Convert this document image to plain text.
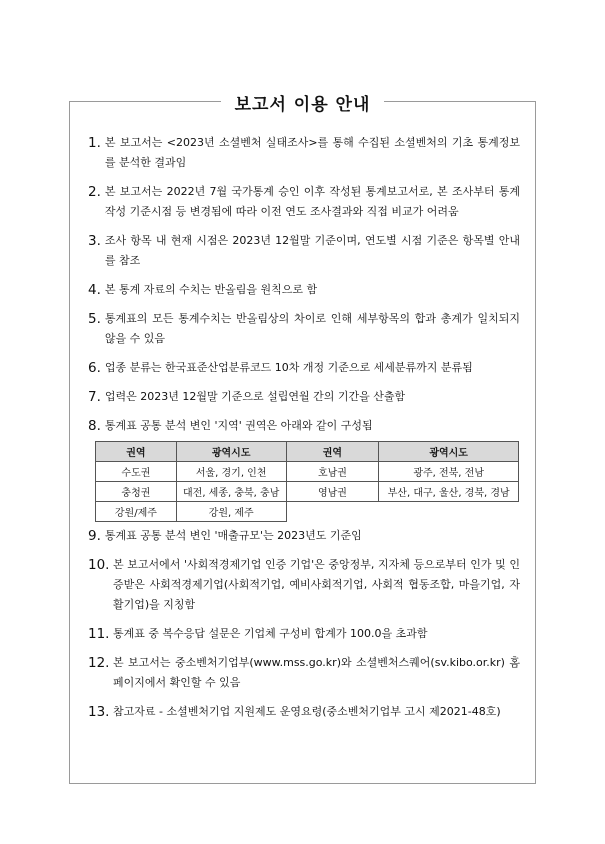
보고서 이용 안내
1. 본 보고서는 <2023년 소셜벤처 실태조사>를 통해 수집된 소셜벤처의 기초 통계정보를 분석한 결과임
2. 본 보고서는 2022년 7월 국가통계 승인 이후 작성된 통계보고서로, 본 조사부터 통계작성 기준시점 등 변경됨에 따라 이전 연도 조사결과와 직접 비교가 어려움
3. 조사 항목 내 현재 시점은 2023년 12월말 기준이며, 연도별 시점 기준은 항목별 안내를 참조
4. 본 통계 자료의 수치는 반올림을 원칙으로 함
5. 통계표의 모든 통계수치는 반올림상의 차이로 인해 세부항목의 합과 총계가 일치되지 않을 수 있음
6. 업종 분류는 한국표준산업분류코드 10차 개정 기준으로 세세분류까지 분류됨
7. 업력은 2023년 12월말 기준으로 설립연월 간의 기간을 산출함
8. 통계표 공통 분석 변인 '지역' 권역은 아래와 같이 구성됨
권역	광역시도	권역	광역시도
수도권	서울, 경기, 인천	호남권	광주, 전북, 전남
충청권	대전, 세종, 충북, 충남	영남권	부산, 대구, 울산, 경북, 경남
강원/제주	강원, 제주		
9. 통계표 공통 분석 변인 '매출규모'는 2023년도 기준임
10. 본 보고서에서 '사회적경제기업 인증 기업'은 중앙정부, 지자체 등으로부터 인가 및 인증받은 사회적경제기업(사회적기업, 예비사회적기업, 사회적 협동조합, 마을기업, 자활기업)을 지칭함
11. 통계표 중 복수응답 설문은 기업체 구성비 합계가 100.0을 초과함
12. 본 보고서는 중소벤처기업부(www.mss.go.kr)와 소셜벤처스퀘어(sv.kibo.or.kr) 홈페이지에서 확인할 수 있음
13. 참고자료 - 소셜벤처기업 지원제도 운영요령(중소벤처기업부 고시 제2021-48호)
